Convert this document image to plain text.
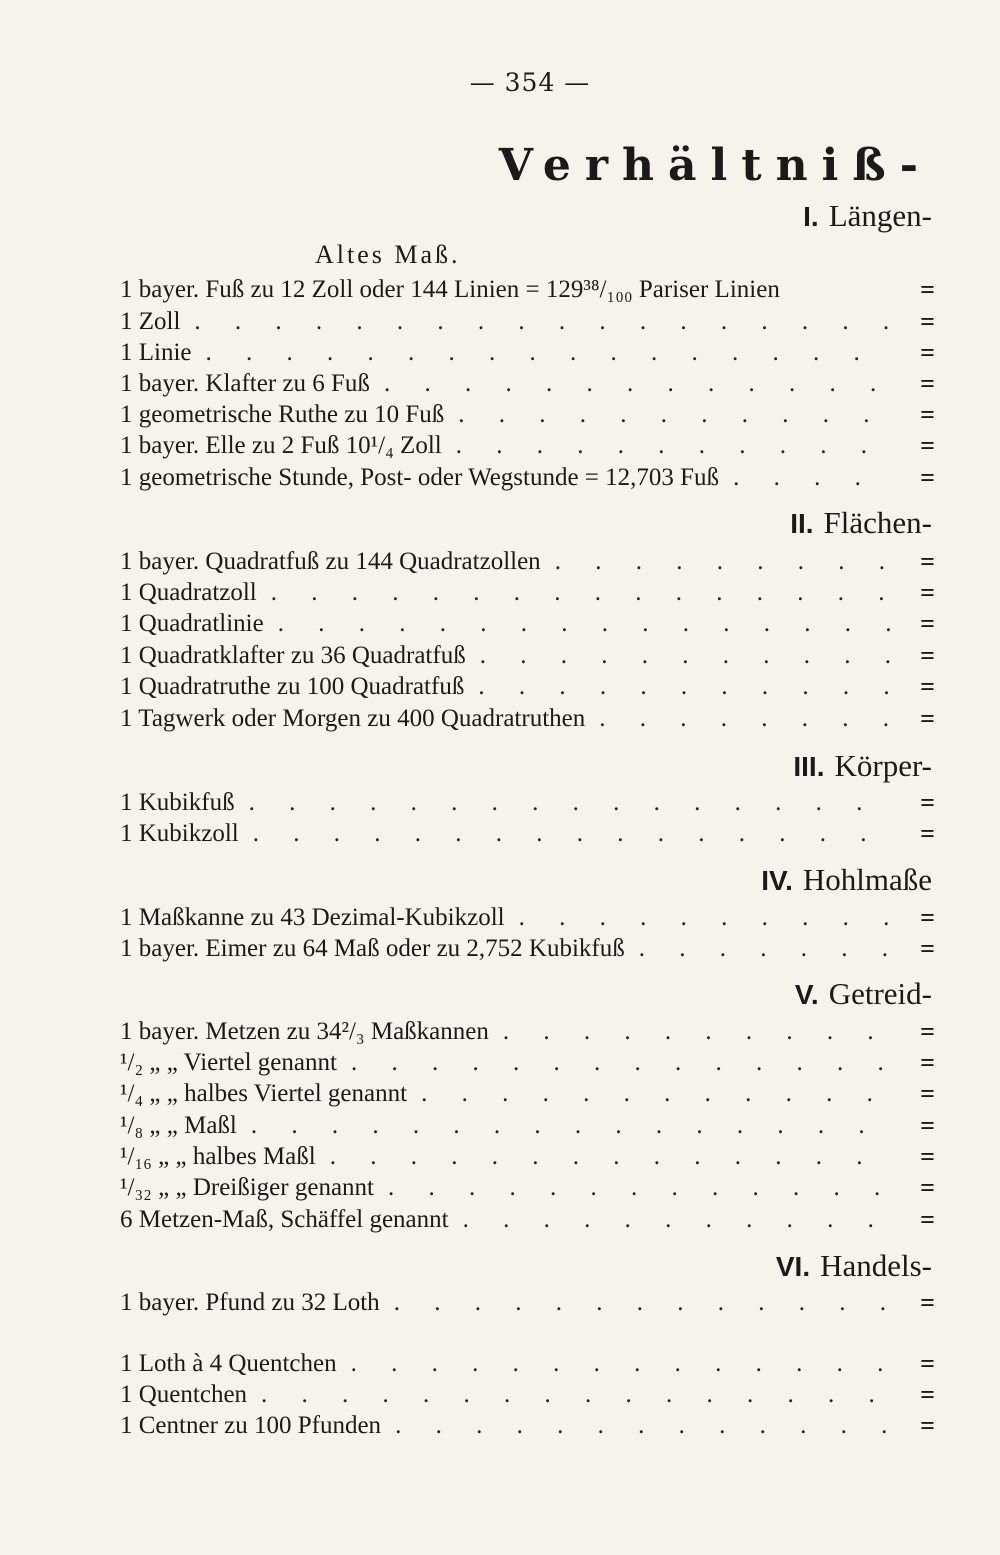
— 354 —
Verhältniß-
I. Längen-
Altes Maß.
1 bayer. Fuß zu 12 Zoll oder 144 Linien = 129³⁸/₁₀₀ Pariser Linien	=
1 Zoll . . .	=
1 Linie . . .	=
1 bayer. Klafter zu 6 Fuß . . .	=
1 geometrische Ruthe zu 10 Fuß . . .	=
1 bayer. Elle zu 2 Fuß 10¹/₄ Zoll . . .	=
1 geometrische Stunde, Post- oder Wegstunde = 12,703 Fuß . . .	=
II. Flächen-
1 bayer. Quadratfuß zu 144 Quadratzollen . . .	=
1 Quadratzoll . . .	=
1 Quadratlinie . . .	=
1 Quadratklafter zu 36 Quadratfuß . . .	=
1 Quadratruthe zu 100 Quadratfuß . . .	=
1 Tagwerk oder Morgen zu 400 Quadratruthen . . .	=
III. Körper-
1 Kubikfuß . . .	=
1 Kubikzoll . . .	=
IV. Hohlmaße
1 Maßkanne zu 43 Dezimal-Kubikzoll . . .	=
1 bayer. Eimer zu 64 Maß oder zu 2,752 Kubikfuß . . .	=
V. Getreid-
1 bayer. Metzen zu 34²/₃ Maßkannen . . .	=
¹/₂ „ „ Viertel genannt . . .	=
¹/₄ „ „ halbes Viertel genannt . . .	=
¹/₈ „ „ Maßl . . .	=
¹/₁₆ „ „ halbes Maßl . . .	=
¹/₃₂ „ „ Dreißiger genannt . . .	=
6 Metzen-Maß, Schäffel genannt . . .	=
VI. Handels-
1 bayer. Pfund zu 32 Loth . . .	=
1 Loth à 4 Quentchen . . .	=
1 Quentchen . . .	=
1 Centner zu 100 Pfunden . . .	=
